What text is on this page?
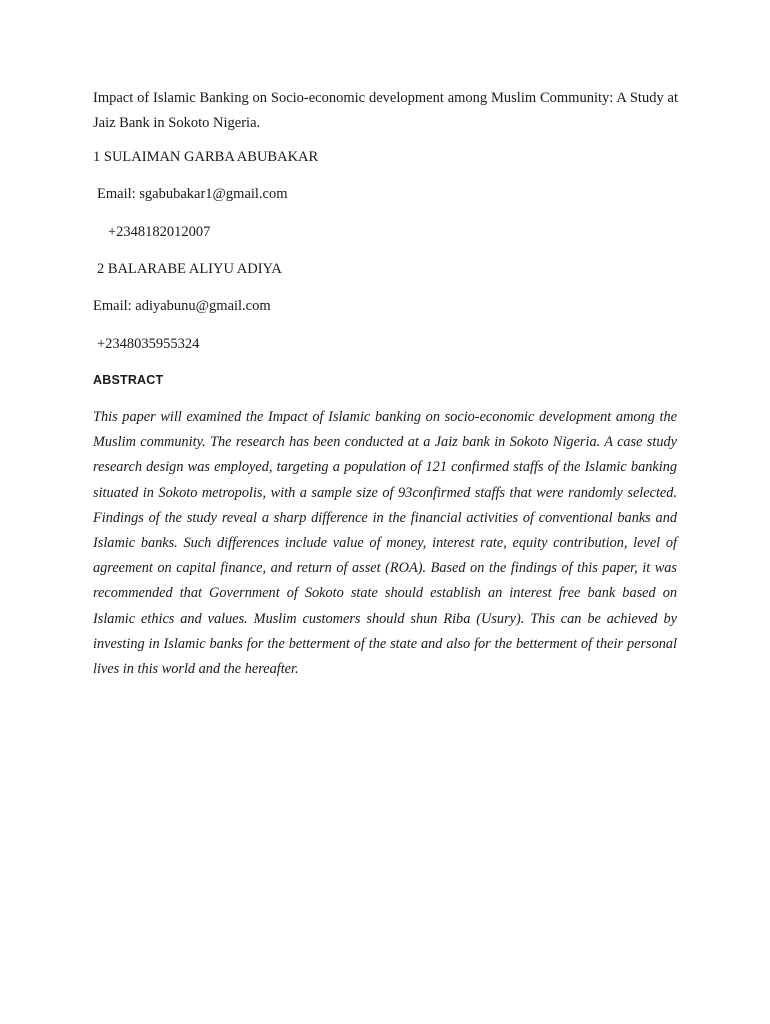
Impact of Islamic Banking on Socio-economic development among Muslim Community: A Study at Jaiz Bank in Sokoto Nigeria.
1 SULAIMAN GARBA ABUBAKAR
Email: sgabubakar1@gmail.com
+2348182012007
2 BALARABE ALIYU ADIYA
Email: adiyabunu@gmail.com
+2348035955324
ABSTRACT
This paper will examined the Impact of Islamic banking on socio-economic development among the Muslim community. The research has been conducted at a Jaiz bank in Sokoto Nigeria. A case study research design was employed, targeting a population of 121 confirmed staffs of the Islamic banking situated in Sokoto metropolis, with a sample size of 93confirmed staffs that were randomly selected. Findings of the study reveal a sharp difference in the financial activities of conventional banks and Islamic banks. Such differences include value of money, interest rate, equity contribution, level of agreement on capital finance, and return of asset (ROA). Based on the findings of this paper, it was recommended that Government of Sokoto state should establish an interest free bank based on Islamic ethics and values. Muslim customers should shun Riba (Usury). This can be achieved by investing in Islamic banks for the betterment of the state and also for the betterment of their personal lives in this world and the hereafter.
